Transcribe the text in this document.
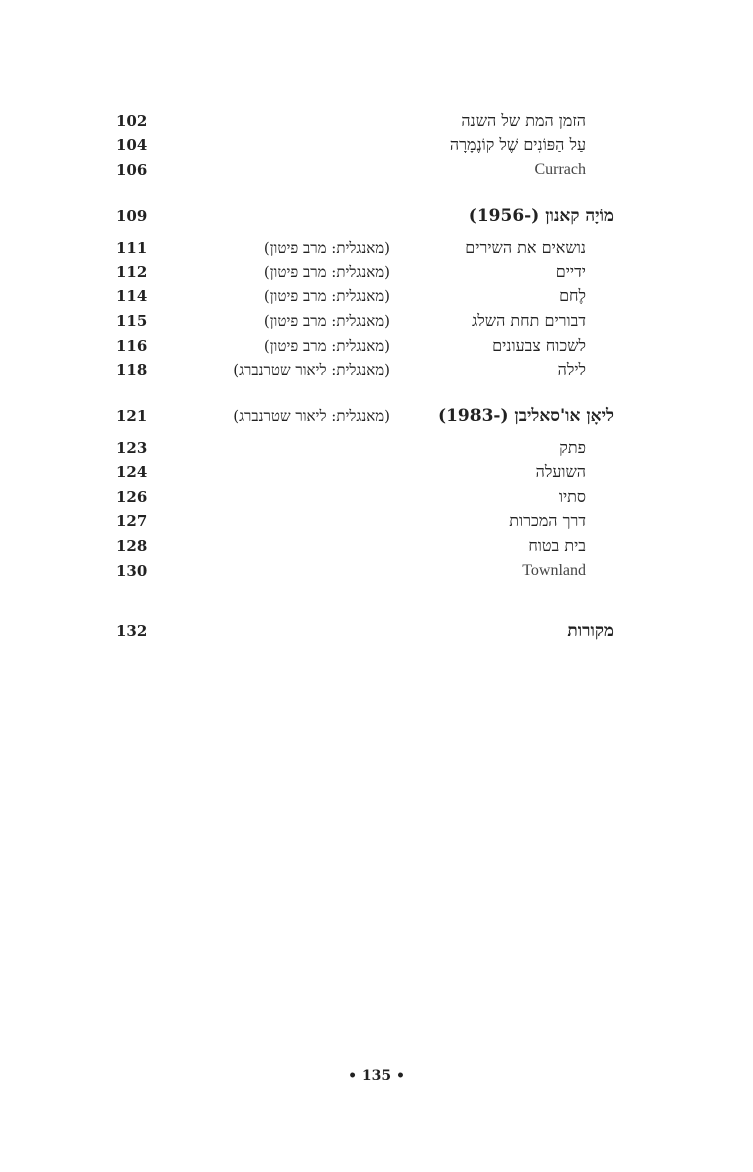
102	הזמן המת של השנה
104	עַל הַפּוֹנִים שֶׁל קוֹנֶמָרָה
106	Currach
109	מוֹיָה קאנון (-1956)
111	(מאנגלית: מרב פיטון)	נושאים את השירים
112	(מאנגלית: מרב פיטון)	ידיים
114	(מאנגלית: מרב פיטון)	לֶחם
115	(מאנגלית: מרב פיטון)	דבורים תחת השלג
116	(מאנגלית: מרב פיטון)	לשכוח צבעונים
118	(מאנגלית: ליאור שטרנברג)	לילה
121	(מאנגלית: ליאור שטרנברג)	ליאָן או'סאליבן (-1983)
123	פתק
124	השועלה
126	סתיו
127	דרך המכרות
128	בית בטוח
130	Townland
132	מקורות
• 135 •
